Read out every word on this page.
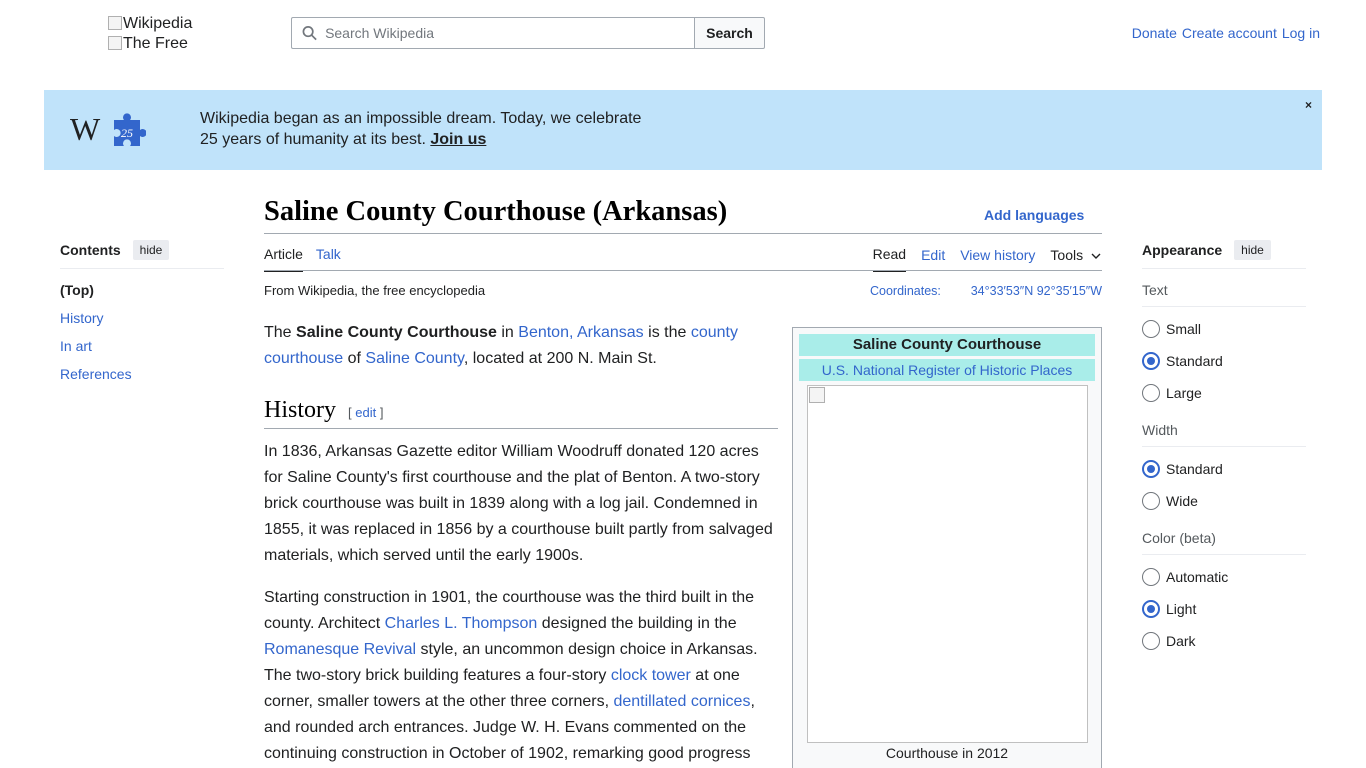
Wikipedia
The Free
Search Wikipedia
Search	Donate Create account Log in
W 25
Wikipedia began as an impossible dream. Today, we celebrate
25 years of humanity at its best. Join us
×
Contents	hide
(Top)
History
In art
References
Saline County Courthouse (Arkansas)	Add languages
Article Talk	Read Edit View history Tools
From Wikipedia, the free encyclopedia	Coordinates: 34°33′53″N 92°35′15″W

The Saline County Courthouse in Benton, Arkansas is the county courthouse of Saline County, located at 200 N. Main St.

History [ edit ]

In 1836, Arkansas Gazette editor William Woodruff donated 120 acres for Saline County's first courthouse and the plat of Benton. A two-story brick courthouse was built in 1839 along with a log jail. Condemned in 1855, it was replaced in 1856 by a courthouse built partly from salvaged materials, which served until the early 1900s.

Starting construction in 1901, the courthouse was the third built in the county. Architect Charles L. Thompson designed the building in the Romanesque Revival style, an uncommon design choice in Arkansas. The two-story brick building features a four-story clock tower at one corner, smaller towers at the other three corners, dentillated cornices, and rounded arch entrances. Judge W. H. Evans commented on the continuing construction in October of 1902, remarking good progress

Saline County Courthouse
U.S. National Register of Historic Places
Courthouse in 2012
Appearance	hide
Text
Small
Standard
Large
Width
Standard
Wide
Color (beta)
Automatic
Light
Dark
